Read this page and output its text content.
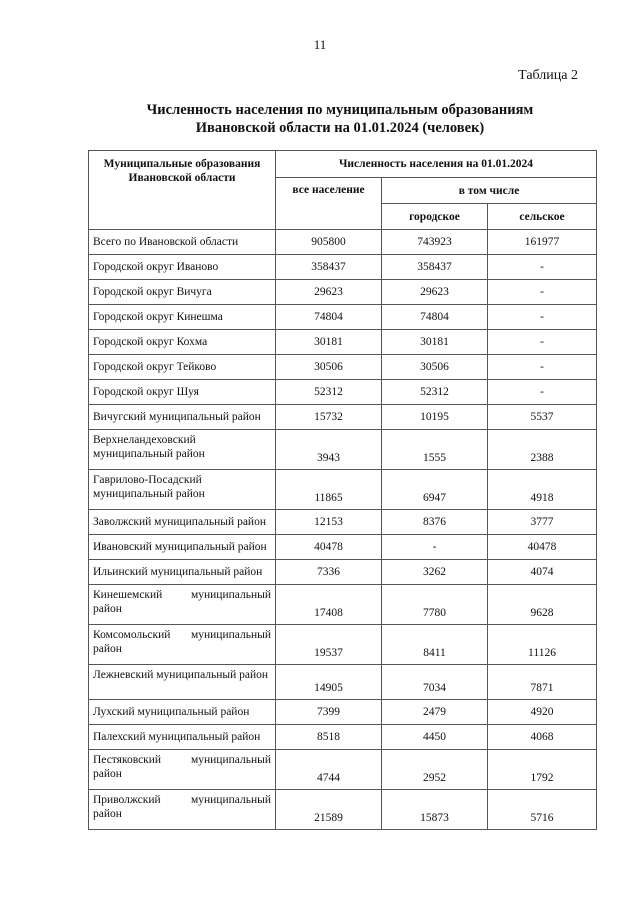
11
Таблица 2
Численность населения по муниципальным образованиям
Ивановской области на 01.01.2024 (человек)
Муниципальные образования Ивановской области	Численность населения на 01.01.2024		
	все население	в том числе	
		городское	сельское
Всего по Ивановской области	905800	743923	161977
Городской округ Иваново	358437	358437	-
Городской округ Вичуга	29623	29623	-
Городской округ Кинешма	74804	74804	-
Городской округ Кохма	30181	30181	-
Городской округ Тейково	30506	30506	-
Городской округ Шуя	52312	52312	-
Вичугский муниципальный район	15732	10195	5537
Верхнеландеховский муниципальный район	3943	1555	2388
Гаврилово-Посадский муниципальный район	11865	6947	4918
Заволжский муниципальный район	12153	8376	3777
Ивановский муниципальный район	40478	-	40478
Ильинский муниципальный район	7336	3262	4074
Кинешемский муниципальный район	17408	7780	9628
Комсомольский муниципальный район	19537	8411	11126
Лежневский муниципальный район	14905	7034	7871
Лухский муниципальный район	7399	2479	4920
Палехский муниципальный район	8518	4450	4068
Пестяковский муниципальный район	4744	2952	1792
Приволжский муниципальный район	21589	15873	5716
